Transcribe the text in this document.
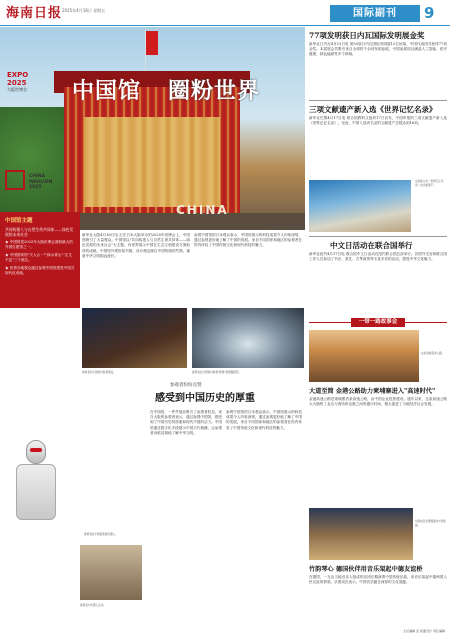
海南日报 2025年4月18日 星期五	国际副刊	9
CHINA
中国馆 圈粉世界
EXPO
2025
大阪世博会
观众在大阪世博会中国馆前拍照留影。
CHINA
PAVILION 2025
中国馆主题
共同构建人与自然生命共同体——绿色发展的未来社会
★ 中国馆是2025年大阪世博会面积最大的外国自建馆之一。
★ 中国国家馆"天人合一""绿水青山""生生不息"三个展区。
★ 世界各地观众通过参观中国馆感受中国式现代化成就。
新华社大阪4月16日电 正在日本大阪举办的2025年世博会上，中国馆吸引了大量观众。中国馆以"共同构建人与自然生命共同体——绿色发展的未来社会"为主题，向世界展示中国在生态文明建设方面取得的成就。中国馆外观形似书简，设计理念源自中国传统的竹简，寓意中华文明源远流长。
参观中国馆的日本观众表示，中国馆展示的科技成果令人印象深刻，通过参观更好地了解了中国的发展。来自不同国家和地区的参观者在馆内体验了中国传统文化和现代科技的魅力。
参观者在中国馆内参观展品。	参观者在中国馆内参观"嫦娥"探测器模型。
参观者纷纷点赞
感受到中国历史的厚重
参观者在中国馆观看机器人。
参观者与机器人互动。
在中国馆，一件件展品吸引了参观者驻足。来自大阪的参观者表示，通过参观中国馆，感受到了中国历史的厚重和现代中国的活力。中国馆通过数字化手段展示中国古代典籍，让参观者身临其境地了解中华文明。
参观中国馆的日本观众表示，中国馆展示的科技成果令人印象深刻，通过参观更好地了解了中国的发展。来自不同国家和地区的参观者在馆内体验了中国传统文化和现代科技的魅力。
77项发明获日内瓦国际发明展金奖
新华社日内瓦4月13日电 第50届日内瓦国际发明展12日闭幕，中国代表团共获得77项金奖。本届展会共吸引来自全球的千余项发明参展，中国参展项目涵盖人工智能、医疗健康、绿色能源等多个领域。
三项文献遗产新入选《世界记忆名录》
新华社巴黎4月17日电 联合国教科文组织17日宣布，中国申报的三项文献遗产新入选《世界记忆名录》。至此，中国入选该名录的文献遗产总数达到16项。
这是新入选《世界记忆名录》的文献遗产。
中文日活动在联合国举行
新华社纽约4月17日电 联合国中文日活动在纽约联合国总部举行。各国外交官和联合国工作人员参加了书法、茶艺、古琴演奏等丰富多彩的活动，感受中华文化魅力。
一带一路故事会
这是金港高速公路。
大道至简 金港公路助力柬埔寨进入"高速时代"
金港高速公路是柬埔寨首条高速公路，由中国企业投资建设。通车以来，这条高速公路大大缩短了金边与西哈努克港之间的通行时间，极大促进了当地经济社会发展。
乐团成员在德国演出中国乐曲。
竹韵琴心 德国伙伴用音乐架起中德友谊桥
在德国，一支由当地音乐人组成的乐团长期演奏中国传统乐曲，用音乐架起中德两国人民友谊的桥梁。乐团成员表示，中国音乐蕴含深厚的文化底蕴。
主任编辑 张 版面设计 责任编辑
